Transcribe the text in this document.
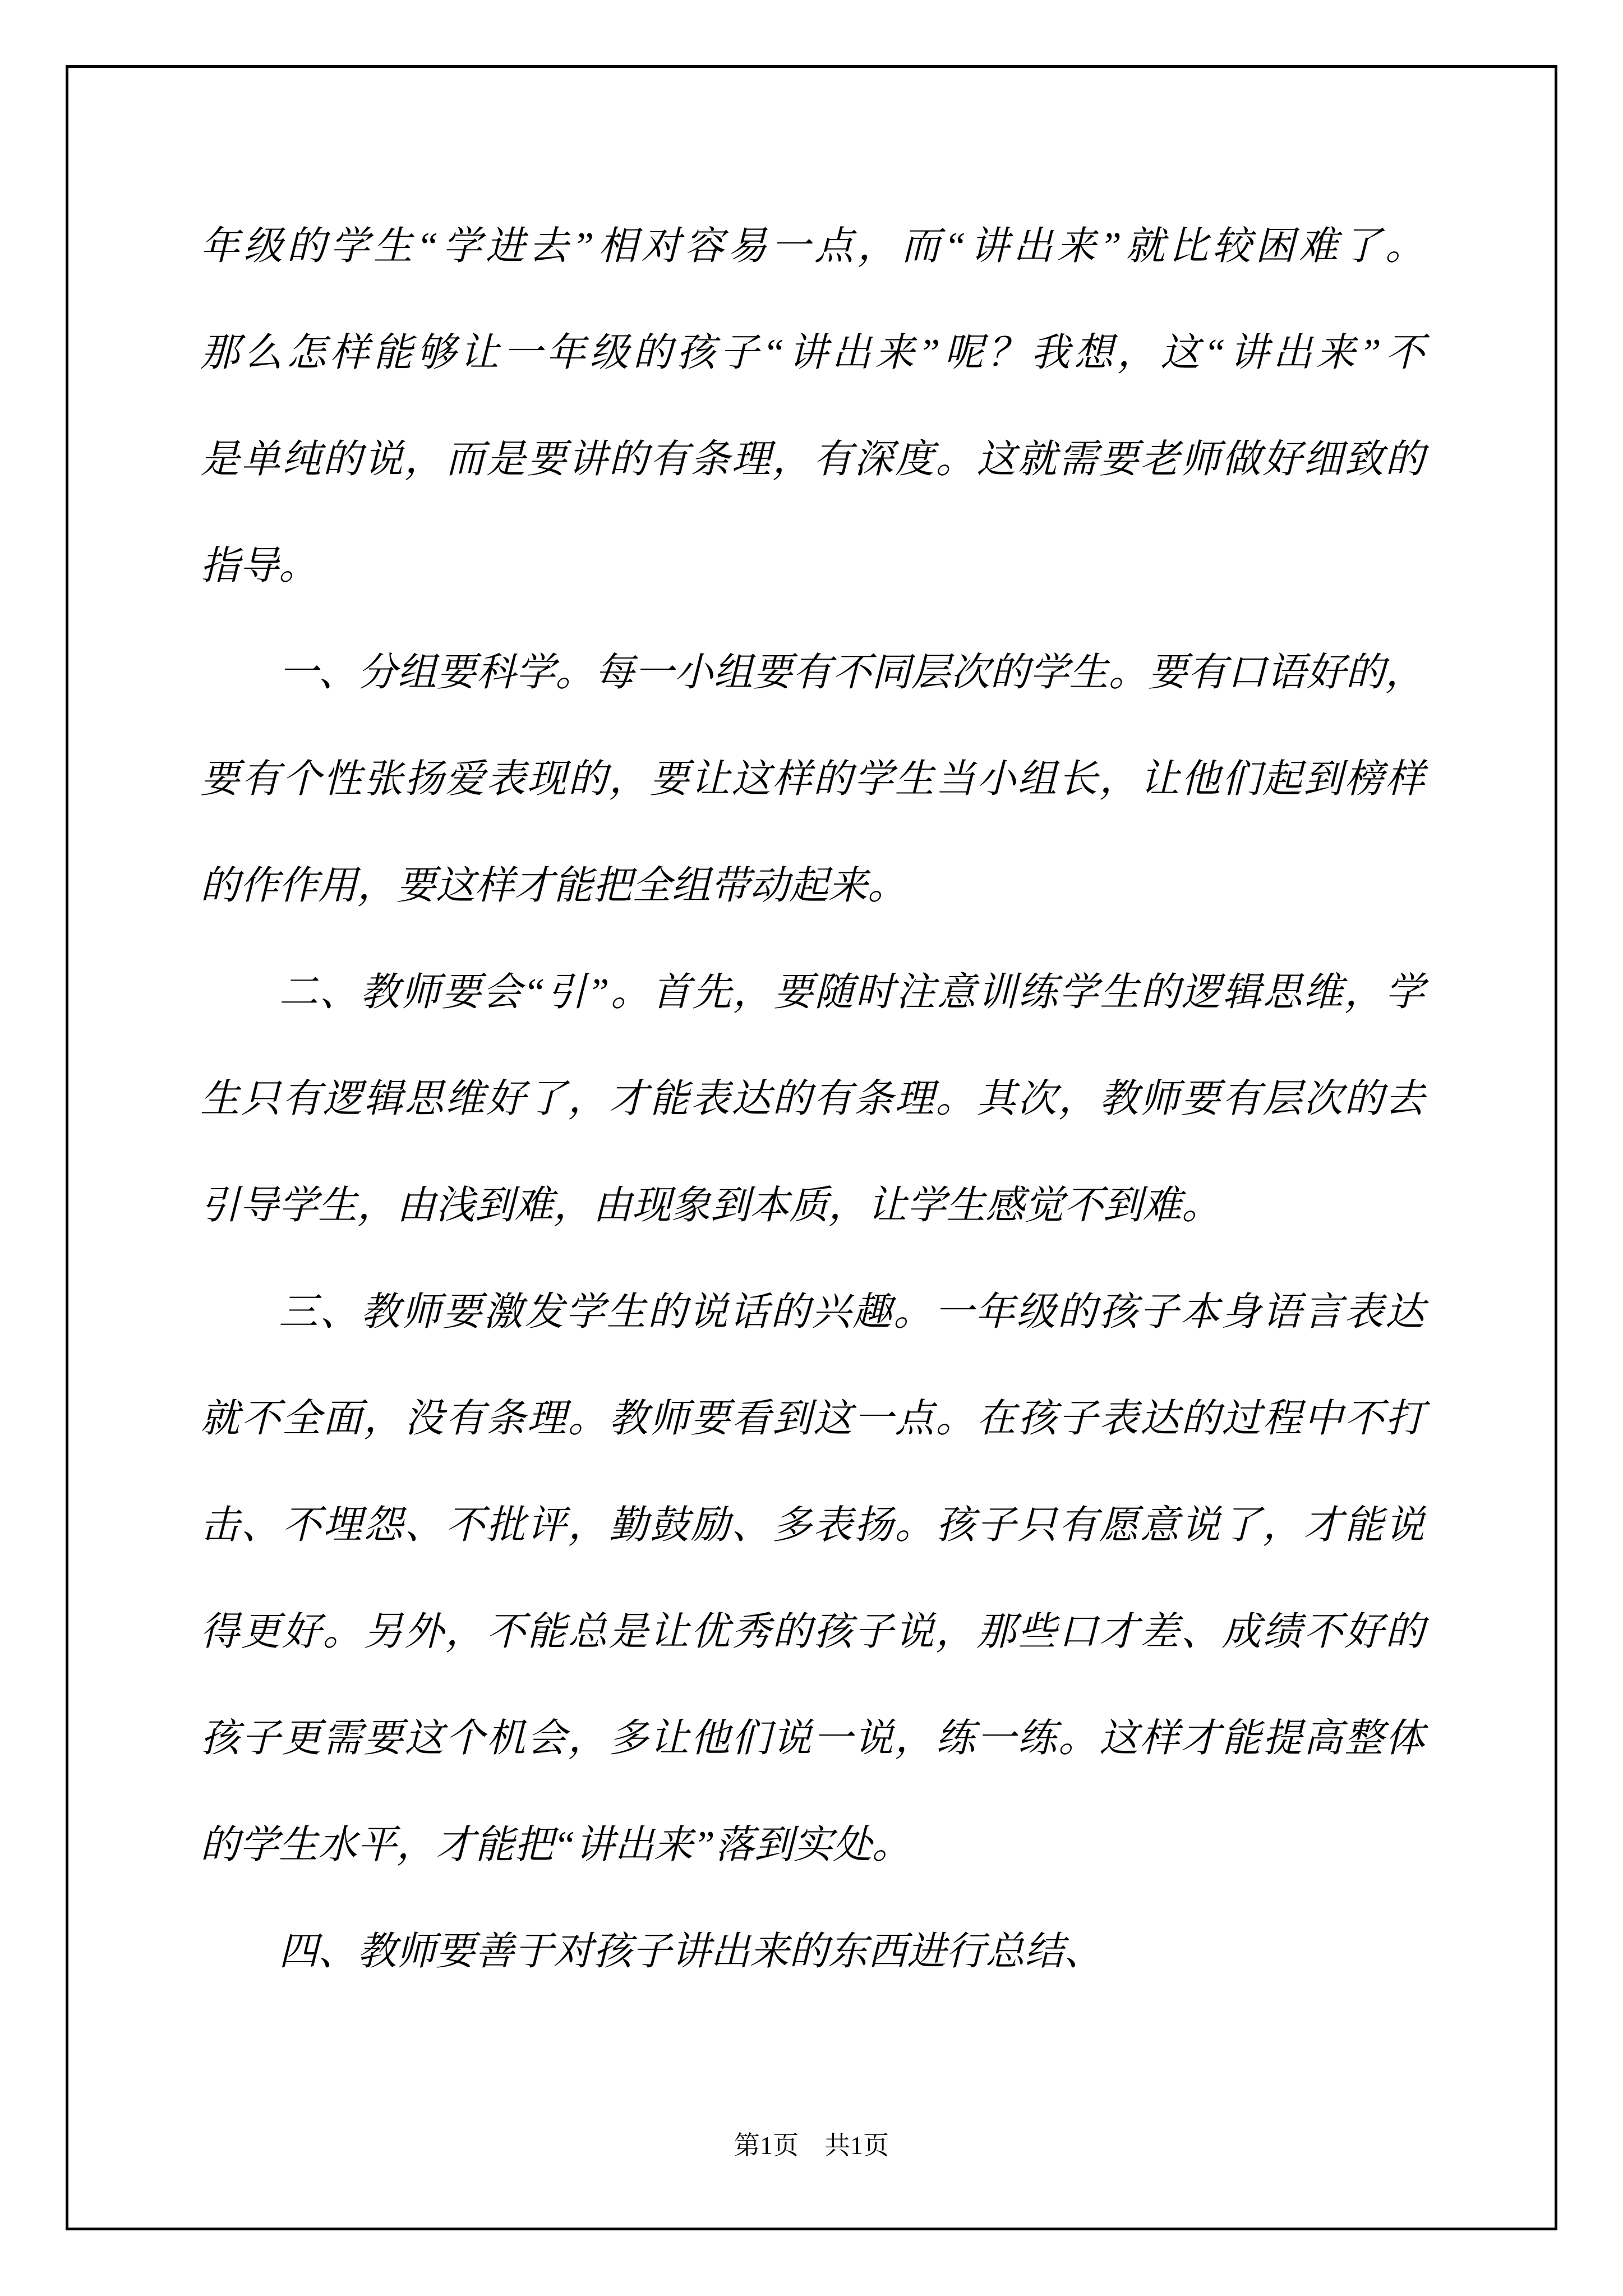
年级的学生“学进去”相对容易一点，而“讲出来”就比较困难了。
那么怎样能够让一年级的孩子“讲出来”呢？我想，这“讲出来”不
是单纯的说，而是要讲的有条理，有深度。这就需要老师做好细致的
指导。
一、分组要科学。每一小组要有不同层次的学生。要有口语好的，
要有个性张扬爱表现的，要让这样的学生当小组长，让他们起到榜样
的作作用，要这样才能把全组带动起来。
二、教师要会“引”。首先，要随时注意训练学生的逻辑思维，学
生只有逻辑思维好了，才能表达的有条理。其次，教师要有层次的去
引导学生，由浅到难，由现象到本质，让学生感觉不到难。
三、教师要激发学生的说话的兴趣。一年级的孩子本身语言表达
就不全面，没有条理。教师要看到这一点。在孩子表达的过程中不打
击、不埋怨、不批评，勤鼓励、多表扬。孩子只有愿意说了，才能说
得更好。另外，不能总是让优秀的孩子说，那些口才差、成绩不好的
孩子更需要这个机会，多让他们说一说，练一练。这样才能提高整体
的学生水平，才能把“讲出来”落到实处。
四、教师要善于对孩子讲出来的东西进行总结、
第1页　共1页
